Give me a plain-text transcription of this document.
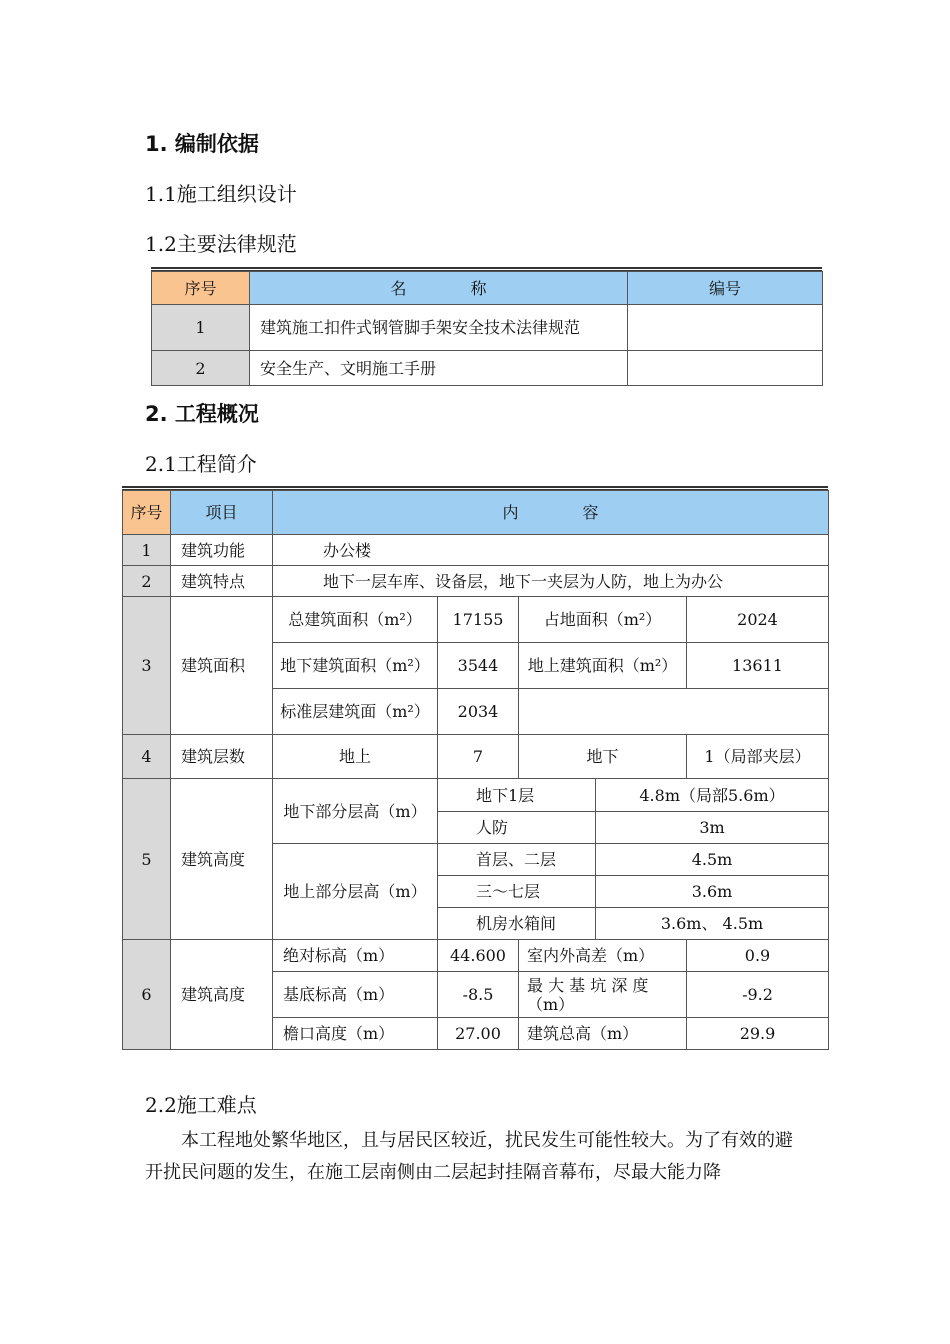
1. 编制依据
1.1施工组织设计
1.2主要法律规范
序号	名　　　　称	编号
1	建筑施工扣件式钢管脚手架安全技术法律规范	
2	安全生产、文明施工手册	
2. 工程概况
2.1工程简介
序号	项目	内　　　　容				
1	建筑功能	办公楼				
2	建筑特点	地下一层车库、设备层，地下一夹层为人防，地上为办公				
3	建筑面积	总建筑面积（m²）	17155	占地面积（m²）		2024
		地下建筑面积（m²）	3544	地上建筑面积（m²）		13611
		标准层建筑面（m²）	2034			
4	建筑层数	地上	7	地下		1（局部夹层）
5	建筑高度	地下部分层高（m）	地下1层		4.8m（局部5.6m）	
			人防		3m	
		地上部分层高（m）	首层、二层		4.5m	
			三～七层		3.6m	
			机房水箱间		3.6m、 4.5m	
6	建筑高度	绝对标高（m）	44.600	室内外高差（m）		0.9
		基底标高（m）	-8.5	最 大 基 坑 深 度（m）		-9.2
		檐口高度（m）	27.00	建筑总高（m）		29.9
2.2施工难点
本工程地处繁华地区，且与居民区较近，扰民发生可能性较大。为了有效的避开扰民问题的发生，在施工层南侧由二层起封挂隔音幕布，尽最大能力降
